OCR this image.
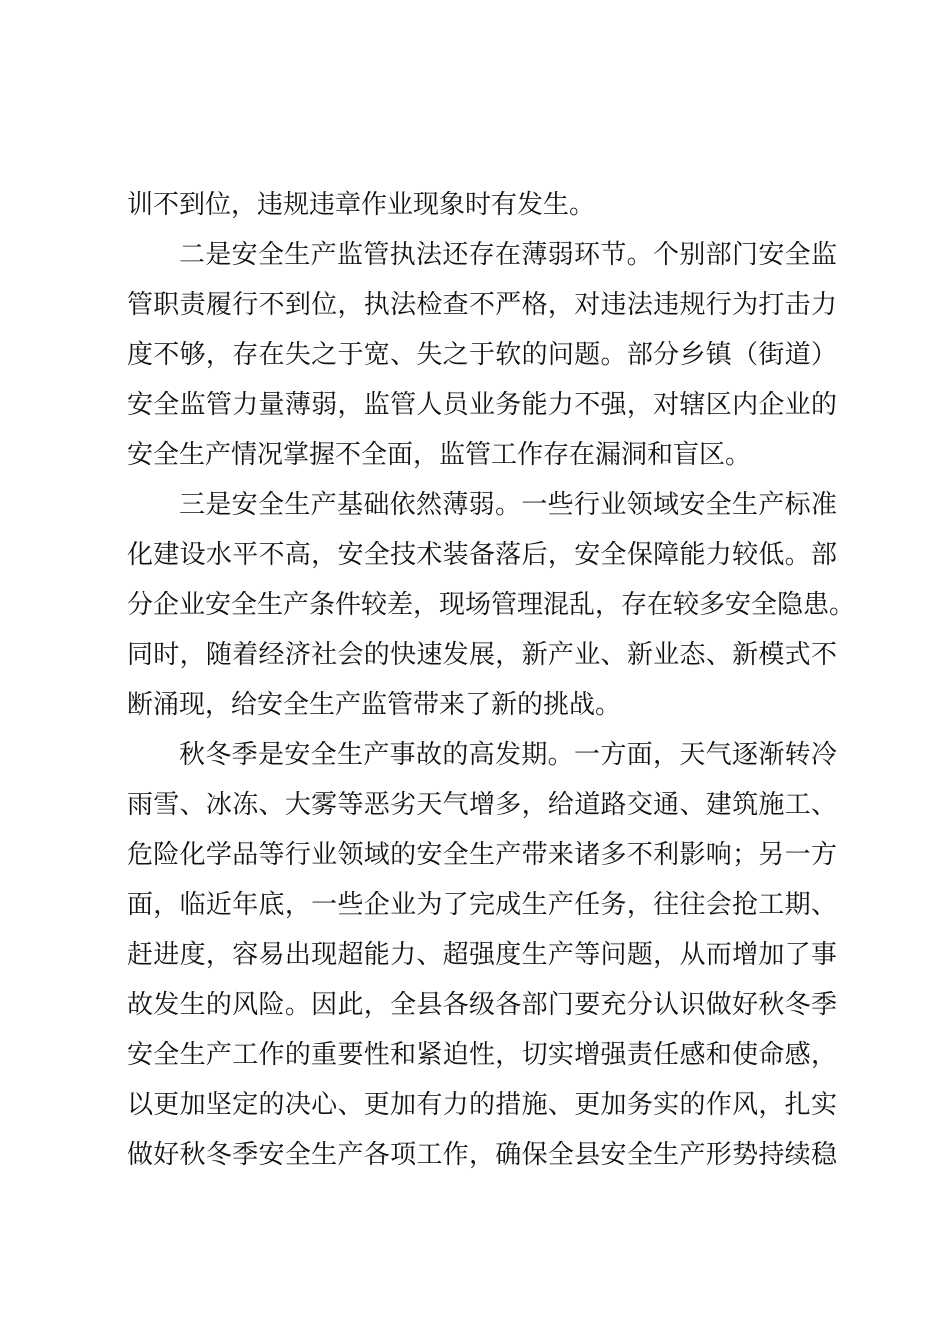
训不到位，违规违章作业现象时有发生。
二是安全生产监管执法还存在薄弱环节。个别部门安全监
管职责履行不到位，执法检查不严格，对违法违规行为打击力
度不够，存在失之于宽、失之于软的问题。部分乡镇（街道）
安全监管力量薄弱，监管人员业务能力不强，对辖区内企业的
安全生产情况掌握不全面，监管工作存在漏洞和盲区。
三是安全生产基础依然薄弱。一些行业领域安全生产标准
化建设水平不高，安全技术装备落后，安全保障能力较低。部
分企业安全生产条件较差，现场管理混乱，存在较多安全隐患。
同时，随着经济社会的快速发展，新产业、新业态、新模式不
断涌现，给安全生产监管带来了新的挑战。
秋冬季是安全生产事故的高发期。一方面，天气逐渐转冷
雨雪、冰冻、大雾等恶劣天气增多，给道路交通、建筑施工、
危险化学品等行业领域的安全生产带来诸多不利影响；另一方
面，临近年底，一些企业为了完成生产任务，往往会抢工期、
赶进度，容易出现超能力、超强度生产等问题，从而增加了事
故发生的风险。因此，全县各级各部门要充分认识做好秋冬季
安全生产工作的重要性和紧迫性，切实增强责任感和使命感，
以更加坚定的决心、更加有力的措施、更加务实的作风，扎实
做好秋冬季安全生产各项工作，确保全县安全生产形势持续稳
